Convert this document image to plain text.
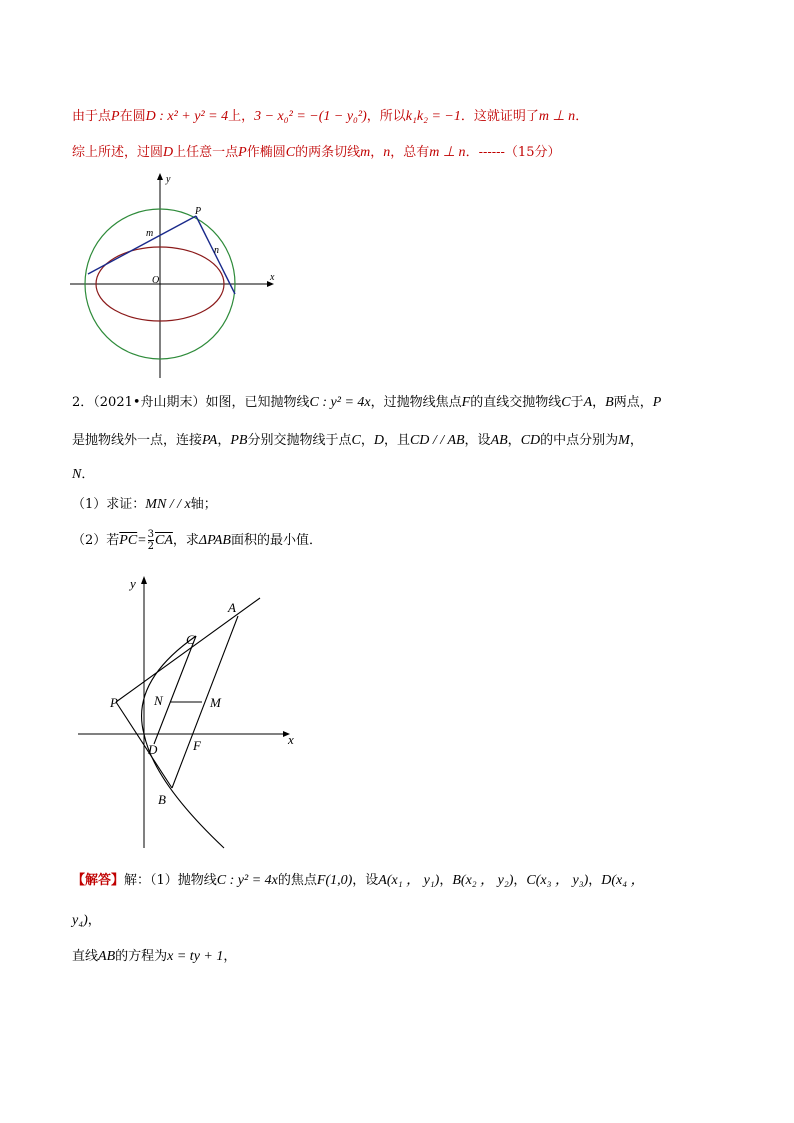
由于点P在圆D : x² + y² = 4上，3 − x₀² = −(1 − y₀²)，所以k₁k₂ = −1．这就证明了m ⊥ n．
综上所述，过圆D上任意一点P作椭圆C的两条切线m，n，总有m ⊥ n．------（15分）
x
y
O
P
m
n
2．（2021•舟山期末）如图，已知抛物线C : y² = 4x，过抛物线焦点F的直线交抛物线C于A，B两点，P
是抛物线外一点，连接PA，PB分别交抛物线于点C，D，且CD / / AB，设AB，CD的中点分别为M，
N．
（1）求证：MN / / x轴；
（2）若$\overline{PC}= \frac{3}{2} \overline{CA}$，求ΔPAB面积的最小值．
x
y
A
C
N	M
P
D	F
B
【解答】解：（1）抛物线C : y² = 4x的焦点F(1,0)，设A(x₁ ， y₁)，B(x₂ ， y₂)，C(x₃ ， y₃)，D(x₄ ，
y₄)，
直线AB的方程为x = ty + 1，
